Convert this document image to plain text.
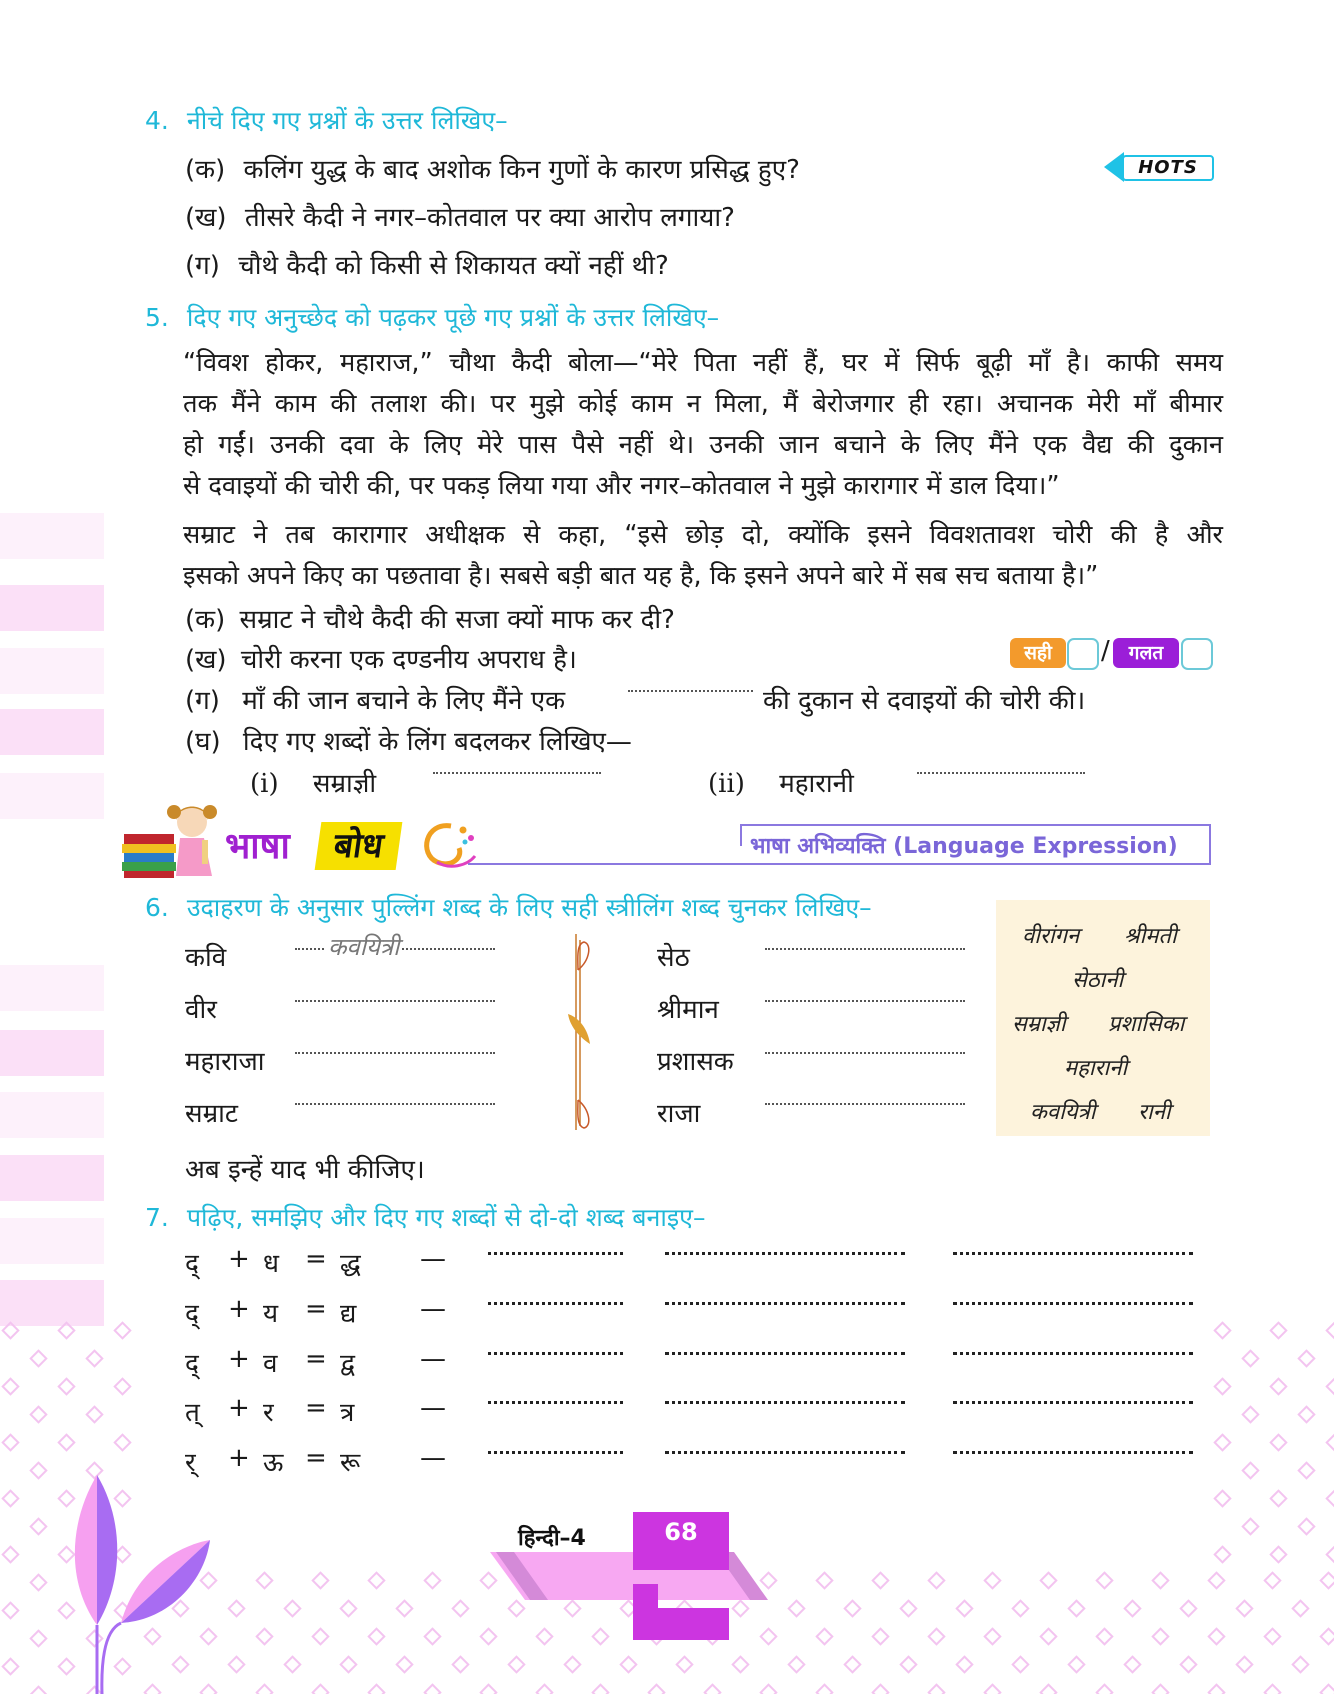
4. नीचे दिए गए प्रश्नों के उत्तर लिखिए–
(क) कलिंग युद्ध के बाद अशोक किन गुणों के कारण प्रसिद्ध हुए?
(ख) तीसरे कैदी ने नगर–कोतवाल पर क्या आरोप लगाया?
(ग) चौथे कैदी को किसी से शिकायत क्यों नहीं थी?
HOTS
5. दिए गए अनुच्छेद को पढ़कर पूछे गए प्रश्नों के उत्तर लिखिए–
“विवश होकर, महाराज,” चौथा कैदी बोला—“मेरे पिता नहीं हैं, घर में सिर्फ बूढ़ी माँ है। काफी समय
तक मैंने काम की तलाश की। पर मुझे कोई काम न मिला, मैं बेरोजगार ही रहा। अचानक मेरी माँ बीमार
हो गईं। उनकी दवा के लिए मेरे पास पैसे नहीं थे। उनकी जान बचाने के लिए मैंने एक वैद्य की दुकान
से दवाइयों की चोरी की, पर पकड़ लिया गया और नगर–कोतवाल ने मुझे कारागार में डाल दिया।”
सम्राट ने तब कारागार अधीक्षक से कहा, “इसे छोड़ दो, क्योंकि इसने विवशतावश चोरी की है और
इसको अपने किए का पछतावा है। सबसे बड़ी बात यह है, कि इसने अपने बारे में सब सच बताया है।”
(क) सम्राट ने चौथे कैदी की सजा क्यों माफ कर दी?
(ख) चोरी करना एक दण्डनीय अपराध है।	सही	/	गलत
(ग) माँ की जान बचाने के लिए मैंने एक	की दुकान से दवाइयों की चोरी की।
(घ) दिए गए शब्दों के लिंग बदलकर लिखिए—
(i) सम्राज्ञी	(ii) महारानी
भाषा	बोध	भाषा अभिव्यक्ति (Language Expression)
6. उदाहरण के अनुसार पुल्लिंग शब्द के लिए सही स्त्रीलिंग शब्द चुनकर लिखिए–
कवि	कवयित्री
वीर
महाराजा
सम्राट
सेठ
श्रीमान
प्रशासक
राजा
वीरांगन श्रीमती
सेठानी
सम्राज्ञी प्रशासिका
महारानी
कवयित्री रानी
अब इन्हें याद भी कीजिए।
7. पढ़िए, समझिए और दिए गए शब्दों से दो-दो शब्द बनाइए–
द् + ध = द्ध —
द् + य = द्य —
द् + व = द्व	—
त् + र = त्र	—
र् + ऊ = रू —
हिन्दी–4	68
